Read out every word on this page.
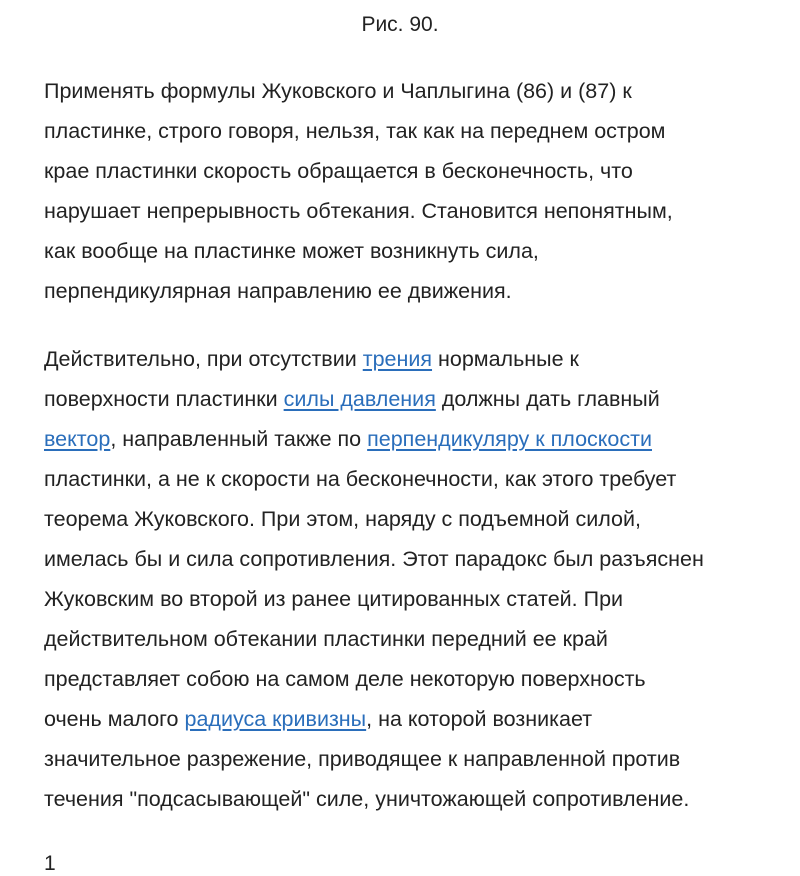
Рис. 90.

Применять формулы Жуковского и Чаплыгина (86) и (87) к
пластинке, строго говоря, нельзя, так как на переднем остром
крае пластинки скорость обращается в бесконечность, что
нарушает непрерывность обтекания. Становится непонятным,
как вообще на пластинке может возникнуть сила,
перпендикулярная направлению ее движения.

Действительно, при отсутствии трения нормальные к
поверхности пластинки силы давления должны дать главный
вектор, направленный также по перпендикуляру к плоскости
пластинки, а не к скорости на бесконечности, как этого требует
теорема Жуковского. При этом, наряду с подъемной силой,
имелась бы и сила сопротивления. Этот парадокс был разъяснен
Жуковским во второй из ранее цитированных статей. При
действительном обтекании пластинки передний ее край
представляет собою на самом деле некоторую поверхность
очень малого радиуса кривизны, на которой возникает
значительное разрежение, приводящее к направленной против
течения "подсасывающей" силе, уничтожающей сопротивление.

1
